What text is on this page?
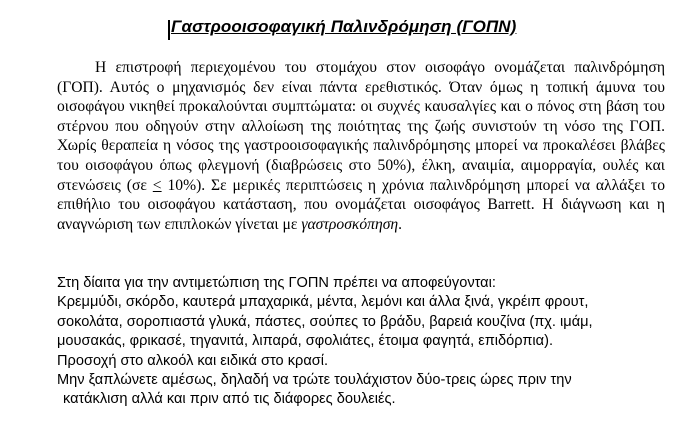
Γαστροοισοφαγική Παλινδρόμηση (ΓΟΠΝ)
Η επιστροφή περιεχομένου του στομάχου στον οισοφάγο ονομάζεται παλινδρόμηση (ΓΟΠ). Αυτός ο μηχανισμός δεν είναι πάντα ερεθιστικός. Όταν όμως η τοπική άμυνα του οισοφάγου νικηθεί προκαλούνται συμπτώματα: οι συχνές καυσαλγίες και ο πόνος στη βάση του στέρνου που οδηγούν στην αλλοίωση της ποιότητας της ζωής συνιστούν τη νόσο της ΓΟΠ. Χωρίς θεραπεία η νόσος της γαστροοισοφαγικής παλινδρόμησης μπορεί να προκαλέσει βλάβες του οισοφάγου όπως φλεγμονή (διαβρώσεις στο 50%), έλκη, αναιμία, αιμορραγία, ουλές και στενώσεις (σε ≤ 10%). Σε μερικές περιπτώσεις η χρόνια παλινδρόμηση μπορεί να αλλάξει το επιθήλιο του οισοφάγου κατάσταση, που ονομάζεται οισοφάγος Barrett. Η διάγνωση και η αναγνώριση των επιπλοκών γίνεται με γαστροσκόπηση.
Στη δίαιτα για την αντιμετώπιση της ΓΟΠΝ πρέπει να αποφεύγονται:
Κρεμμύδι, σκόρδο, καυτερά μπαχαρικά, μέντα, λεμόνι και άλλα ξινά, γκρέιπ φρουτ,
σοκολάτα, σοροπιαστά γλυκά, πάστες, σούπες το βράδυ, βαρειά κουζίνα (πχ. ιμάμ,
μουσακάς, φρικασέ, τηγανιτά, λιπαρά, σφολιάτες, έτοιμα φαγητά, επιδόρπια).
Προσοχή στο αλκοόλ και ειδικά στο κρασί.
Μην ξαπλώνετε αμέσως, δηλαδή να τρώτε τουλάχιστον δύο-τρεις ώρες πριν την
κατάκλιση αλλά και πριν από τις διάφορες δουλειές.
